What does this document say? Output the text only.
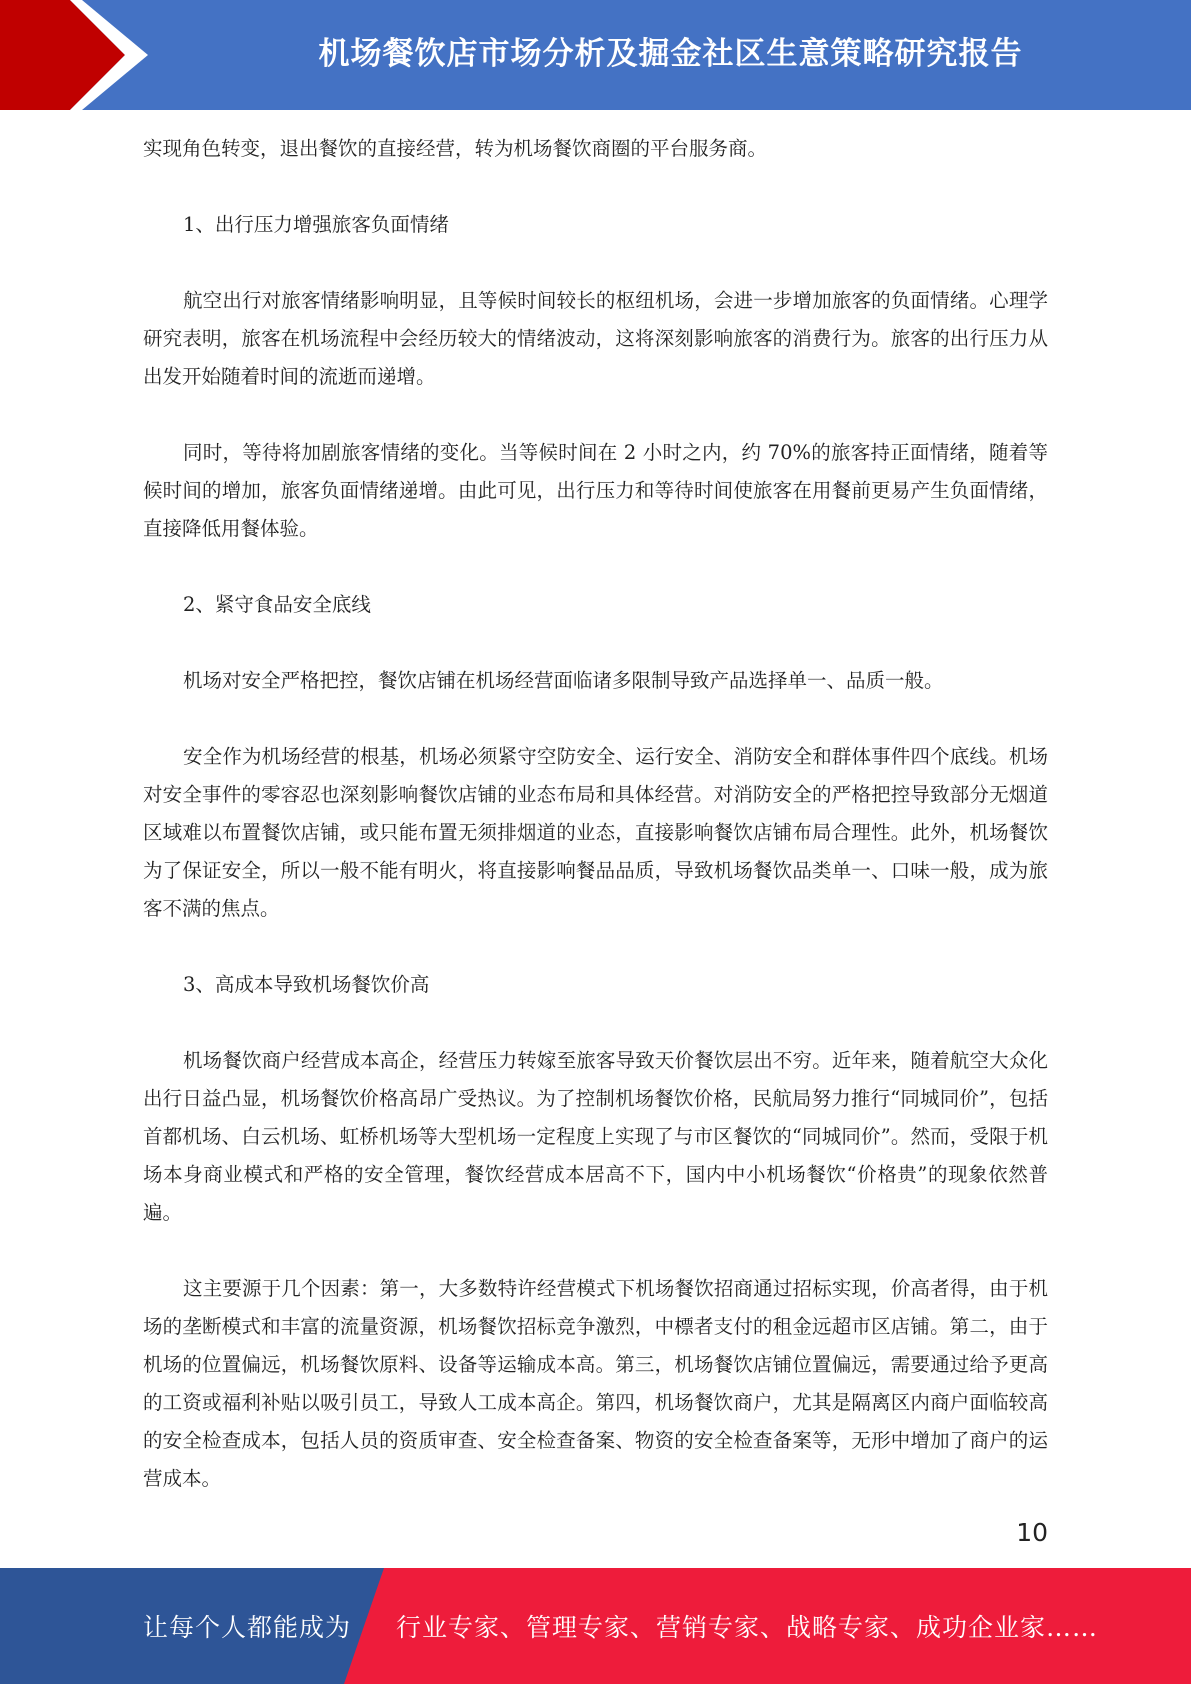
机场餐饮店市场分析及掘金社区生意策略研究报告

实现角色转变，退出餐饮的直接经营，转为机场餐饮商圈的平台服务商。

1、出行压力增强旅客负面情绪

航空出行对旅客情绪影响明显，且等候时间较长的枢纽机场，会进一步增加旅客的负面情绪。心理学研究表明，旅客在机场流程中会经历较大的情绪波动，这将深刻影响旅客的消费行为。旅客的出行压力从出发开始随着时间的流逝而递增。

同时，等待将加剧旅客情绪的变化。当等候时间在 2 小时之内，约 70%的旅客持正面情绪，随着等候时间的增加，旅客负面情绪递增。由此可见，出行压力和等待时间使旅客在用餐前更易产生负面情绪，直接降低用餐体验。

2、紧守食品安全底线

机场对安全严格把控，餐饮店铺在机场经营面临诸多限制导致产品选择单一、品质一般。

安全作为机场经营的根基，机场必须紧守空防安全、运行安全、消防安全和群体事件四个底线。机场对安全事件的零容忍也深刻影响餐饮店铺的业态布局和具体经营。对消防安全的严格把控导致部分无烟道区域难以布置餐饮店铺，或只能布置无须排烟道的业态，直接影响餐饮店铺布局合理性。此外，机场餐饮为了保证安全，所以一般不能有明火，将直接影响餐品品质，导致机场餐饮品类单一、口味一般，成为旅客不满的焦点。

3、高成本导致机场餐饮价高

机场餐饮商户经营成本高企，经营压力转嫁至旅客导致天价餐饮层出不穷。近年来，随着航空大众化出行日益凸显，机场餐饮价格高昂广受热议。为了控制机场餐饮价格，民航局努力推行“同城同价”，包括首都机场、白云机场、虹桥机场等大型机场一定程度上实现了与市区餐饮的“同城同价”。然而，受限于机场本身商业模式和严格的安全管理，餐饮经营成本居高不下，国内中小机场餐饮“价格贵”的现象依然普遍。

这主要源于几个因素：第一，大多数特许经营模式下机场餐饮招商通过招标实现，价高者得，由于机场的垄断模式和丰富的流量资源，机场餐饮招标竞争激烈，中標者支付的租金远超市区店铺。第二，由于机场的位置偏远，机场餐饮原料、设备等运输成本高。第三，机场餐饮店铺位置偏远，需要通过给予更高的工资或福利补贴以吸引员工，导致人工成本高企。第四，机场餐饮商户，尤其是隔离区内商户面临较高的安全检查成本，包括人员的资质审查、安全检查备案、物资的安全检查备案等，无形中增加了商户的运营成本。

10
让每个人都能成为 行业专家、管理专家、营销专家、战略专家、成功企业家……
